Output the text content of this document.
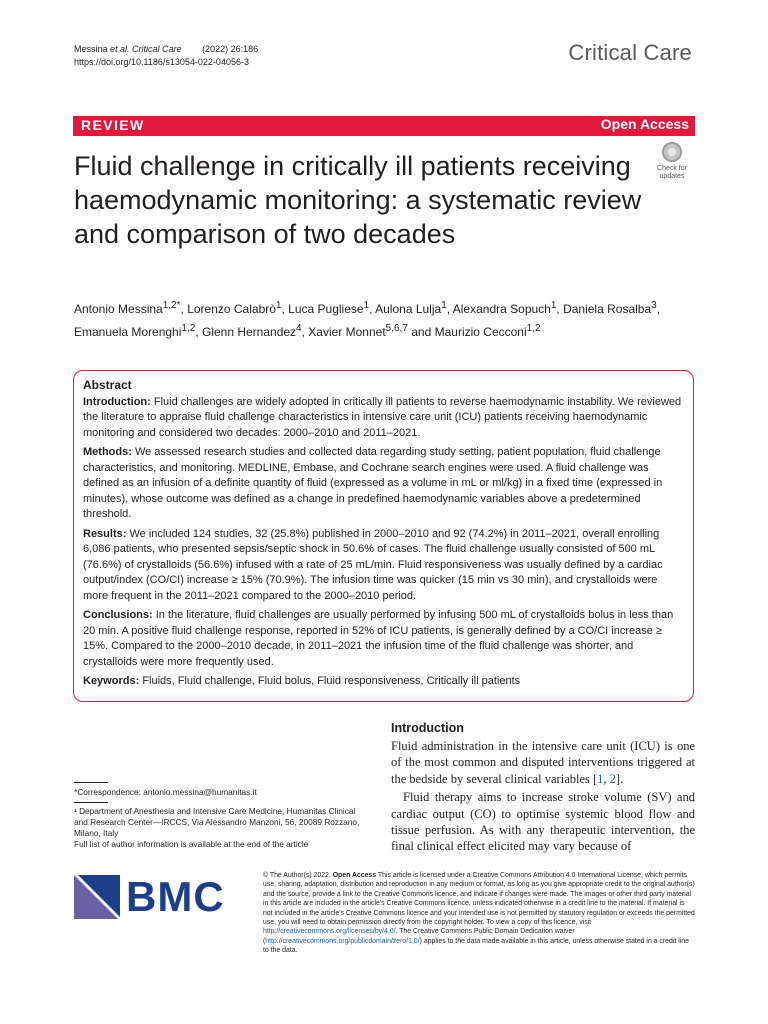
Messina et al. Critical Care (2022) 26:186
https://doi.org/10.1186/s13054-022-04056-3	Critical Care
REVIEW	Open Access
Fluid challenge in critically ill patients receiving haemodynamic monitoring: a systematic review and comparison of two decades
Check for
updates
Antonio Messina$^{1,2*}$, Lorenzo Calabrò$^1$, Luca Pugliese$^1$, Aulona Lulja$^1$, Alexandra Sopuch$^1$, Daniela Rosalba$^3$, Emanuela Morenghi$^{1,2}$, Glenn Hernandez$^4$, Xavier Monnet$^{5,6,7}$ and Maurizio Cecconi$^{1,2}$
Abstract

Introduction: Fluid challenges are widely adopted in critically ill patients to reverse haemodynamic instability. We reviewed the literature to appraise fluid challenge characteristics in intensive care unit (ICU) patients receiving haemodynamic monitoring and considered two decades: 2000–2010 and 2011–2021.

Methods: We assessed research studies and collected data regarding study setting, patient population, fluid challenge characteristics, and monitoring. MEDLINE, Embase, and Cochrane search engines were used. A fluid challenge was defined as an infusion of a definite quantity of fluid (expressed as a volume in mL or ml/kg) in a fixed time (expressed in minutes), whose outcome was defined as a change in predefined haemodynamic variables above a predetermined threshold.

Results: We included 124 studies, 32 (25.8%) published in 2000–2010 and 92 (74.2%) in 2011–2021, overall enrolling 6,086 patients, who presented sepsis/septic shock in 50.6% of cases. The fluid challenge usually consisted of 500 mL (76.6%) of crystalloids (56.6%) infused with a rate of 25 mL/min. Fluid responsiveness was usually defined by a cardiac output/index (CO/CI) increase ≥ 15% (70.9%). The infusion time was quicker (15 min vs 30 min), and crystalloids were more frequent in the 2011–2021 compared to the 2000–2010 period.

Conclusions: In the literature, fluid challenges are usually performed by infusing 500 mL of crystalloids bolus in less than 20 min. A positive fluid challenge response, reported in 52% of ICU patients, is generally defined by a CO/CI increase ≥ 15%. Compared to the 2000–2010 decade, in 2011–2021 the infusion time of the fluid challenge was shorter, and crystalloids were more frequently used.

Keywords: Fluids, Fluid challenge, Fluid bolus, Fluid responsiveness, Critically ill patients

Introduction

Fluid administration in the intensive care unit (ICU) is one of the most common and disputed interventions triggered at the bedside by several clinical variables [1, 2].

Fluid therapy aims to increase stroke volume (SV) and cardiac output (CO) to optimise systemic blood flow and tissue perfusion. As with any therapeutic intervention, the final clinical effect elicited may vary because of

*Correspondence: antonio.messina@humanitas.it
¹ Department of Anesthesia and Intensive Care Medicine, Humanitas Clinical and Research Center—IRCCS, Via Alessandro Manzoni, 56, 20089 Rozzano, Milano, Italy
Full list of author information is available at the end of the article
BMC	© The Author(s) 2022. Open Access This article is licensed under a Creative Commons Attribution 4.0 International License, which permits use, sharing, adaptation, distribution and reproduction in any medium or format, as long as you give appropriate credit to the original author(s) and the source, provide a link to the Creative Commons licence, and indicate if changes were made. The images or other third party material in this article are included in the article's Creative Commons licence, unless indicated otherwise in a credit line to the material. If material is not included in the article's Creative Commons licence and your intended use is not permitted by statutory regulation or exceeds the permitted use, you will need to obtain permission directly from the copyright holder. To view a copy of this licence, visit http://creativecommons.org/licenses/by/4.0/. The Creative Commons Public Domain Dedication waiver (http://creativecommons.org/publicdomain/zero/1.0/) applies to the data made available in this article, unless otherwise stated in a credit line to the data.
